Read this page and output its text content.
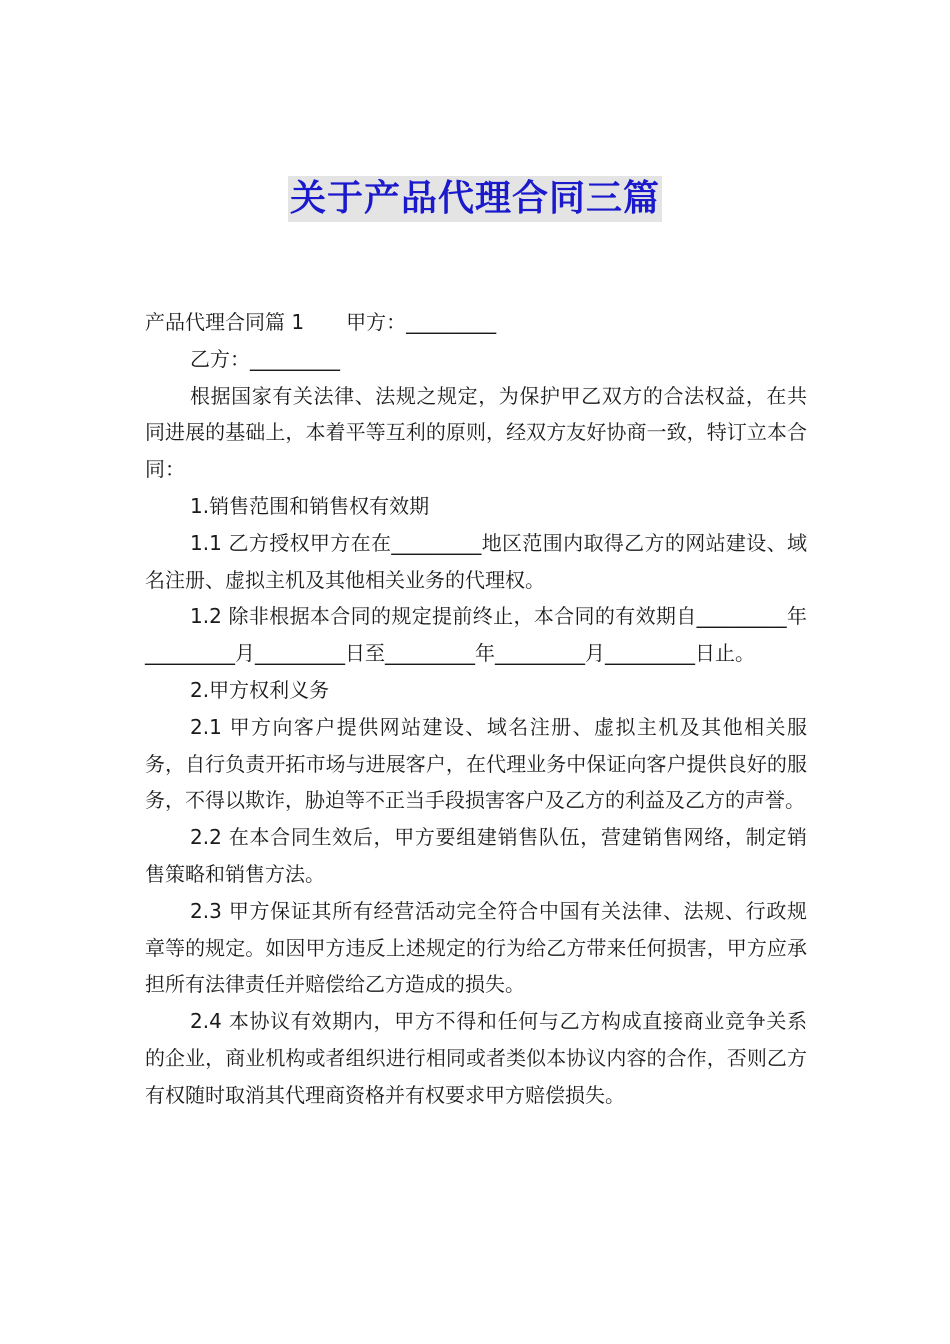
关于产品代理合同三篇

产品代理合同篇 1 甲方：_________

乙方：_________

根据国家有关法律、法规之规定，为保护甲乙双方的合法权益，在共同进展的基础上，本着平等互利的原则，经双方友好协商一致，特订立本合同：

1.销售范围和销售权有效期

1.1 乙方授权甲方在在_________地区范围内取得乙方的网站建设、域名注册、虚拟主机及其他相关业务的代理权。

1.2 除非根据本合同的规定提前终止，本合同的有效期自_________年_________月_________日至_________年_________月_________日止。

2.甲方权利义务

2.1 甲方向客户提供网站建设、域名注册、虚拟主机及其他相关服务，自行负责开拓市场与进展客户，在代理业务中保证向客户提供良好的服务，不得以欺诈，胁迫等不正当手段损害客户及乙方的利益及乙方的声誉。

2.2 在本合同生效后，甲方要组建销售队伍，营建销售网络，制定销售策略和销售方法。

2.3 甲方保证其所有经营活动完全符合中国有关法律、法规、行政规章等的规定。如因甲方违反上述规定的行为给乙方带来任何损害，甲方应承担所有法律责任并赔偿给乙方造成的损失。

2.4 本协议有效期内，甲方不得和任何与乙方构成直接商业竞争关系的企业，商业机构或者组织进行相同或者类似本协议内容的合作，否则乙方有权随时取消其代理商资格并有权要求甲方赔偿损失。
